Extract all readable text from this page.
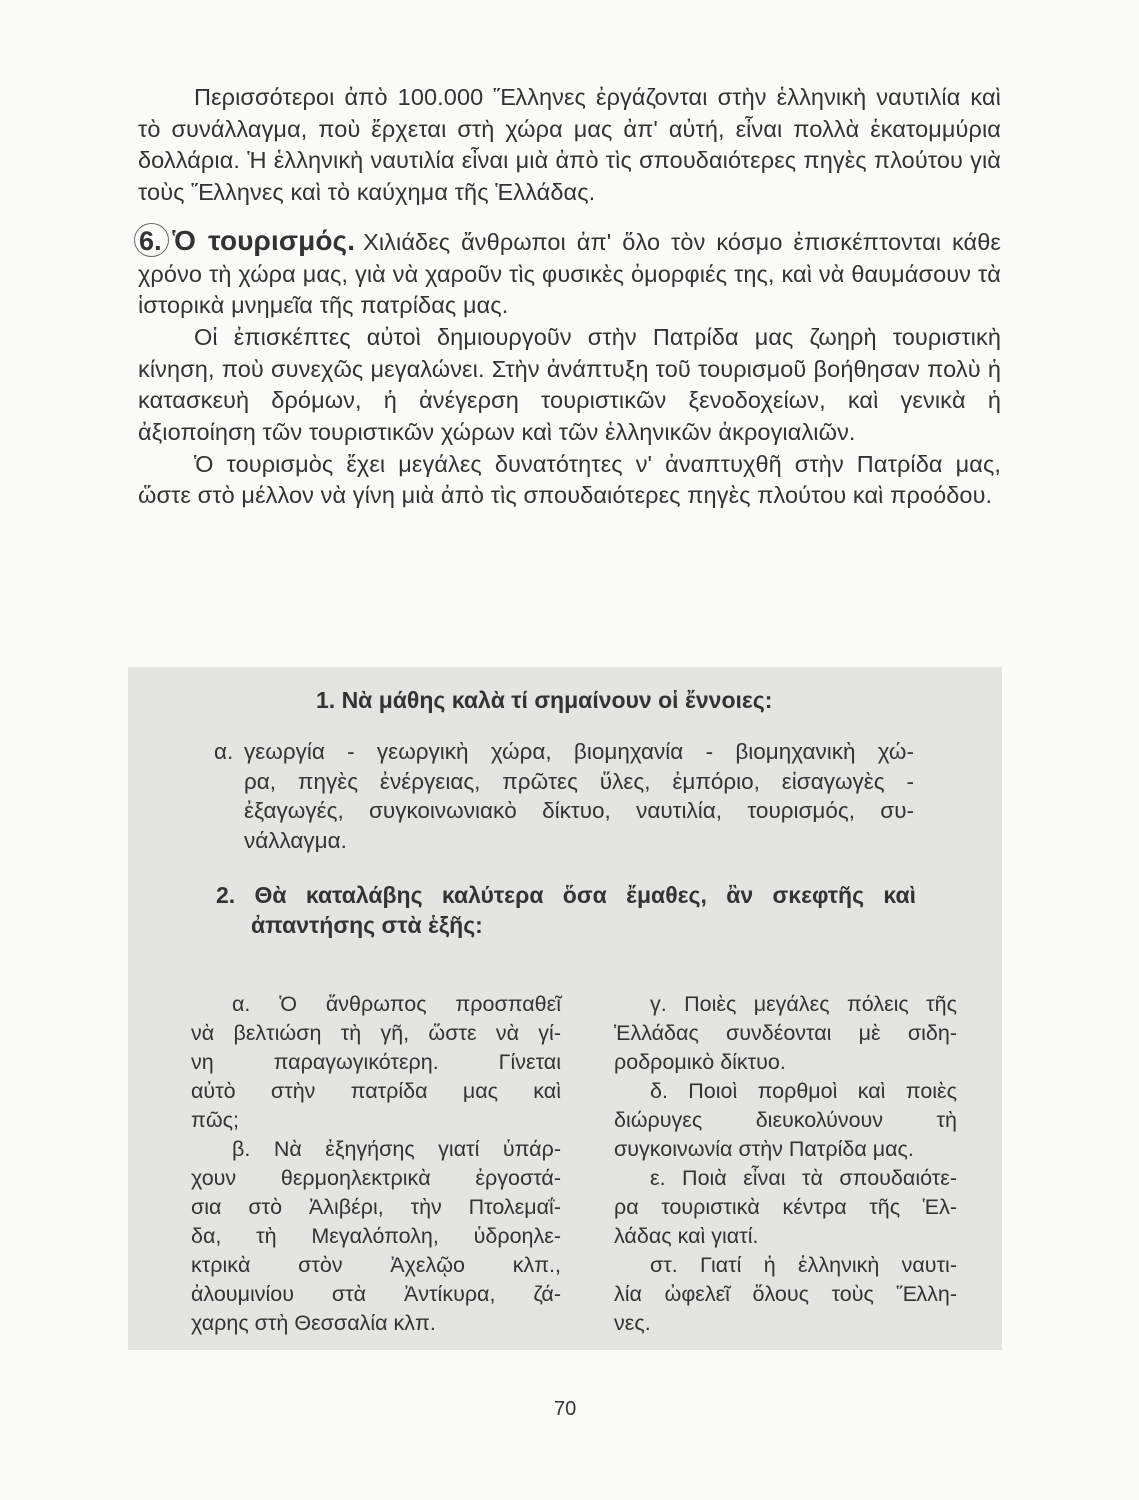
Περισσότεροι ἀπὸ 100.000 Ἕλληνες ἐργάζονται στὴν ἑλληνικὴ ναυτιλία καὶ τὸ συνάλλαγμα, ποὺ ἔρχεται στὴ χώρα μας ἀπ' αὐτή, εἶναι πολλὰ ἑκατομμύρια δολλάρια. Ἡ ἑλληνικὴ ναυτιλία εἶναι μιὰ ἀπὸ τὶς σπουδαιότερες πηγὲς πλούτου γιὰ τοὺς Ἕλληνες καὶ τὸ καύχημα τῆς Ἑλλάδας.

6. Ὁ τουρισμός. Χιλιάδες ἄνθρωποι ἀπ' ὅλο τὸν κόσμο ἐπισκέπτονται κάθε χρόνο τὴ χώρα μας, γιὰ νὰ χαροῦν τὶς φυσικὲς ὀμορφιές της, καὶ νὰ θαυμάσουν τὰ ἱστορικὰ μνημεῖα τῆς πατρίδας μας.

Οἱ ἐπισκέπτες αὐτοὶ δημιουργοῦν στὴν Πατρίδα μας ζωηρὴ τουριστικὴ κίνηση, ποὺ συνεχῶς μεγαλώνει. Στὴν ἀνάπτυξη τοῦ τουρισμοῦ βοήθησαν πολὺ ἡ κατασκευὴ δρόμων, ἡ ἀνέγερση τουριστικῶν ξενοδοχείων, καὶ γενικὰ ἡ ἀξιοποίηση τῶν τουριστικῶν χώρων καὶ τῶν ἑλληνικῶν ἀκρογιαλιῶν.

Ὁ τουρισμὸς ἔχει μεγάλες δυνατότητες ν' ἀναπτυχθῆ στὴν Πατρίδα μας, ὥστε στὸ μέλλον νὰ γίνη μιὰ ἀπὸ τὶς σπουδαιότερες πηγὲς πλούτου καὶ προόδου.

1. Νὰ μάθης καλὰ τί σημαίνουν οἱ ἔννοιες:
α. γεωργία - γεωργικὴ χώρα, βιομηχανία - βιομηχανικὴ χώ-
ρα, πηγὲς ἐνέργειας, πρῶτες ὕλες, ἐμπόριο, εἰσαγωγὲς -
ἐξαγωγές, συγκοινωνιακὸ δίκτυο, ναυτιλία, τουρισμός, συ-
νάλλαγμα.
2. Θὰ καταλάβης καλύτερα ὅσα ἔμαθες, ἂν σκεφτῆς καὶ
ἀπαντήσης στὰ ἑξῆς:

α. Ὁ ἄνθρωπος προσπαθεῖ

νὰ βελτιώση τὴ γῆ, ὥστε νὰ γί-

νη παραγωγικότερη. Γίνεται

αὐτὸ στὴν πατρίδα μας καὶ

πῶς;

β. Νὰ ἐξηγήσης γιατί ὑπάρ-

χουν θερμοηλεκτρικὰ ἐργοστά-

σια στὸ Ἀλιβέρι, τὴν Πτολεμαΐ-

δα, τὴ Μεγαλόπολη, ὑδροηλε-

κτρικὰ στὸν Ἀχελῷο κλπ.,

ἀλουμινίου στὰ Ἀντίκυρα, ζά-

χαρης στὴ Θεσσαλία κλπ.

γ. Ποιὲς μεγάλες πόλεις τῆς

Ἑλλάδας συνδέονται μὲ σιδη-

ροδρομικὸ δίκτυο.

δ. Ποιοὶ πορθμοὶ καὶ ποιὲς

διώρυγες διευκολύνουν τὴ

συγκοινωνία στὴν Πατρίδα μας.

ε. Ποιὰ εἶναι τὰ σπουδαιότε-

ρα τουριστικὰ κέντρα τῆς Ἑλ-

λάδας καὶ γιατί.

στ. Γιατί ἡ ἑλληνικὴ ναυτι-

λία ὠφελεῖ ὅλους τοὺς Ἕλλη-

νες.

70
